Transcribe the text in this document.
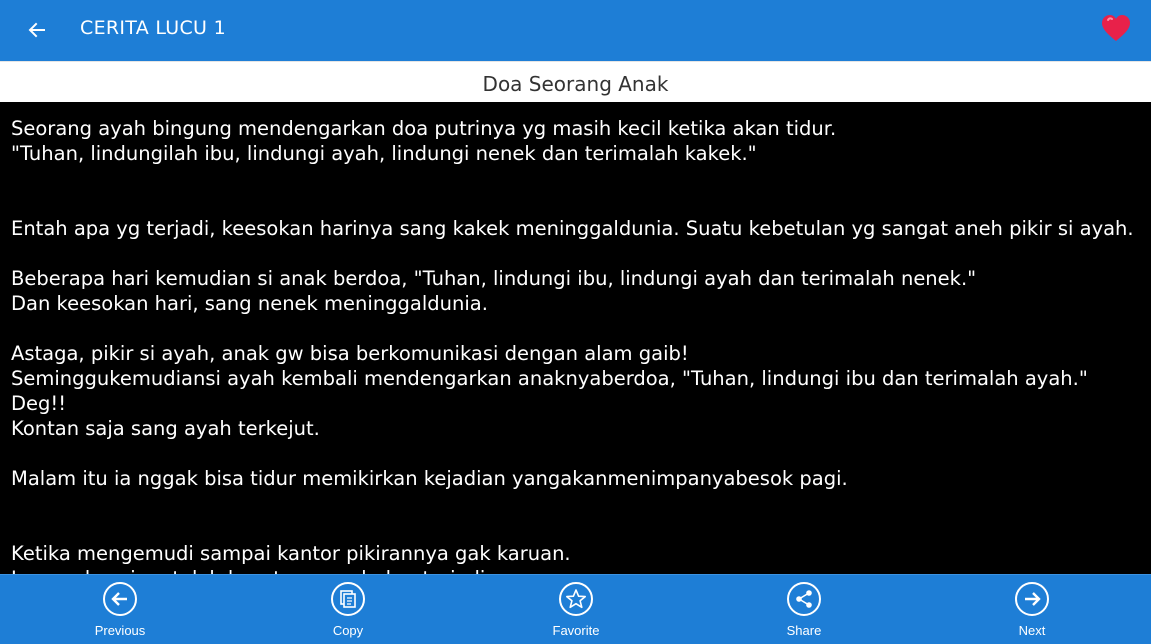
CERITA LUCU 1
Doa Seorang Anak
Seorang ayah bingung mendengarkan doa putrinya yg masih kecil ketika akan tidur.
"Tuhan, lindungilah ibu, lindungi ayah, lindungi nenek dan terimalah kakek."

Entah apa yg terjadi, keesokan harinya sang kakek meninggaldunia. Suatu kebetulan yg sangat aneh pikir si ayah.

Beberapa hari kemudian si anak berdoa, "Tuhan, lindungi ibu, lindungi ayah dan terimalah nenek."
Dan keesokan hari, sang nenek meninggaldunia.

Astaga, pikir si ayah, anak gw bisa berkomunikasi dengan alam gaib!
Seminggukemudiansi ayah kembali mendengarkan anaknyaberdoa, "Tuhan, lindungi ibu dan terimalah ayah." Deg!!
Kontan saja sang ayah terkejut.

Malam itu ia nggak bisa tidur memikirkan kejadian yangakanmenimpanyabesok pagi.

Ketika mengemudi sampai kantor pikirannya gak karuan.

Previous	Copy	Favorite	Share	Next
